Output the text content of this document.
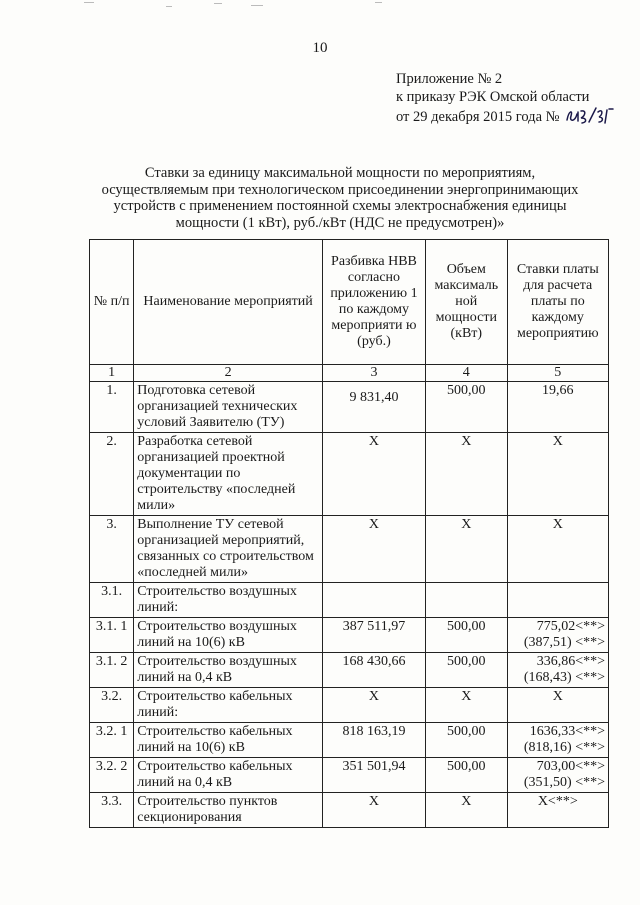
10
Приложение № 2
к приказу РЭК Омской области
от 29 декабря 2015 года №
Ставки за единицу максимальной мощности по мероприятиям,
осуществляемым при технологическом присоединении энергопринимающих
устройств с применением постоянной схемы электроснабжения единицы
мощности (1 кВт), руб./кВт (НДС не предусмотрен)»
№ п/п	Наименование мероприятий	Разбивка НВВ согласно приложению 1 по каждому мероприяти ю (руб.)	Объем максималь ной мощности (кВт)	Ставки платы для расчета платы по каждому мероприятию
1	2	3	4	5
1.	Подготовка сетевой организацией технических условий Заявителю (ТУ)	9 831,40	500,00	19,66
2.	Разработка сетевой организацией проектной документации по строительству «последней мили»	X	X	X
3.	Выполнение ТУ сетевой организацией мероприятий, связанных со строительством «последней мили»	X	X	X
3.1.	Строительство воздушных линий:			
3.1. 1	Строительство воздушных линий на 10(6) кВ	387 511,97	500,00	775,02<**> (387,51) <**>
3.1. 2	Строительство воздушных линий на 0,4 кВ	168 430,66	500,00	336,86<**> (168,43) <**>
3.2.	Строительство кабельных линий:	X	X	X
3.2. 1	Строительство кабельных линий на 10(6) кВ	818 163,19	500,00	1636,33<**> (818,16) <**>
3.2. 2	Строительство кабельных линий на 0,4 кВ	351 501,94	500,00	703,00<**> (351,50) <**>
3.3.	Строительство пунктов секционирования	X	X	X<**>
